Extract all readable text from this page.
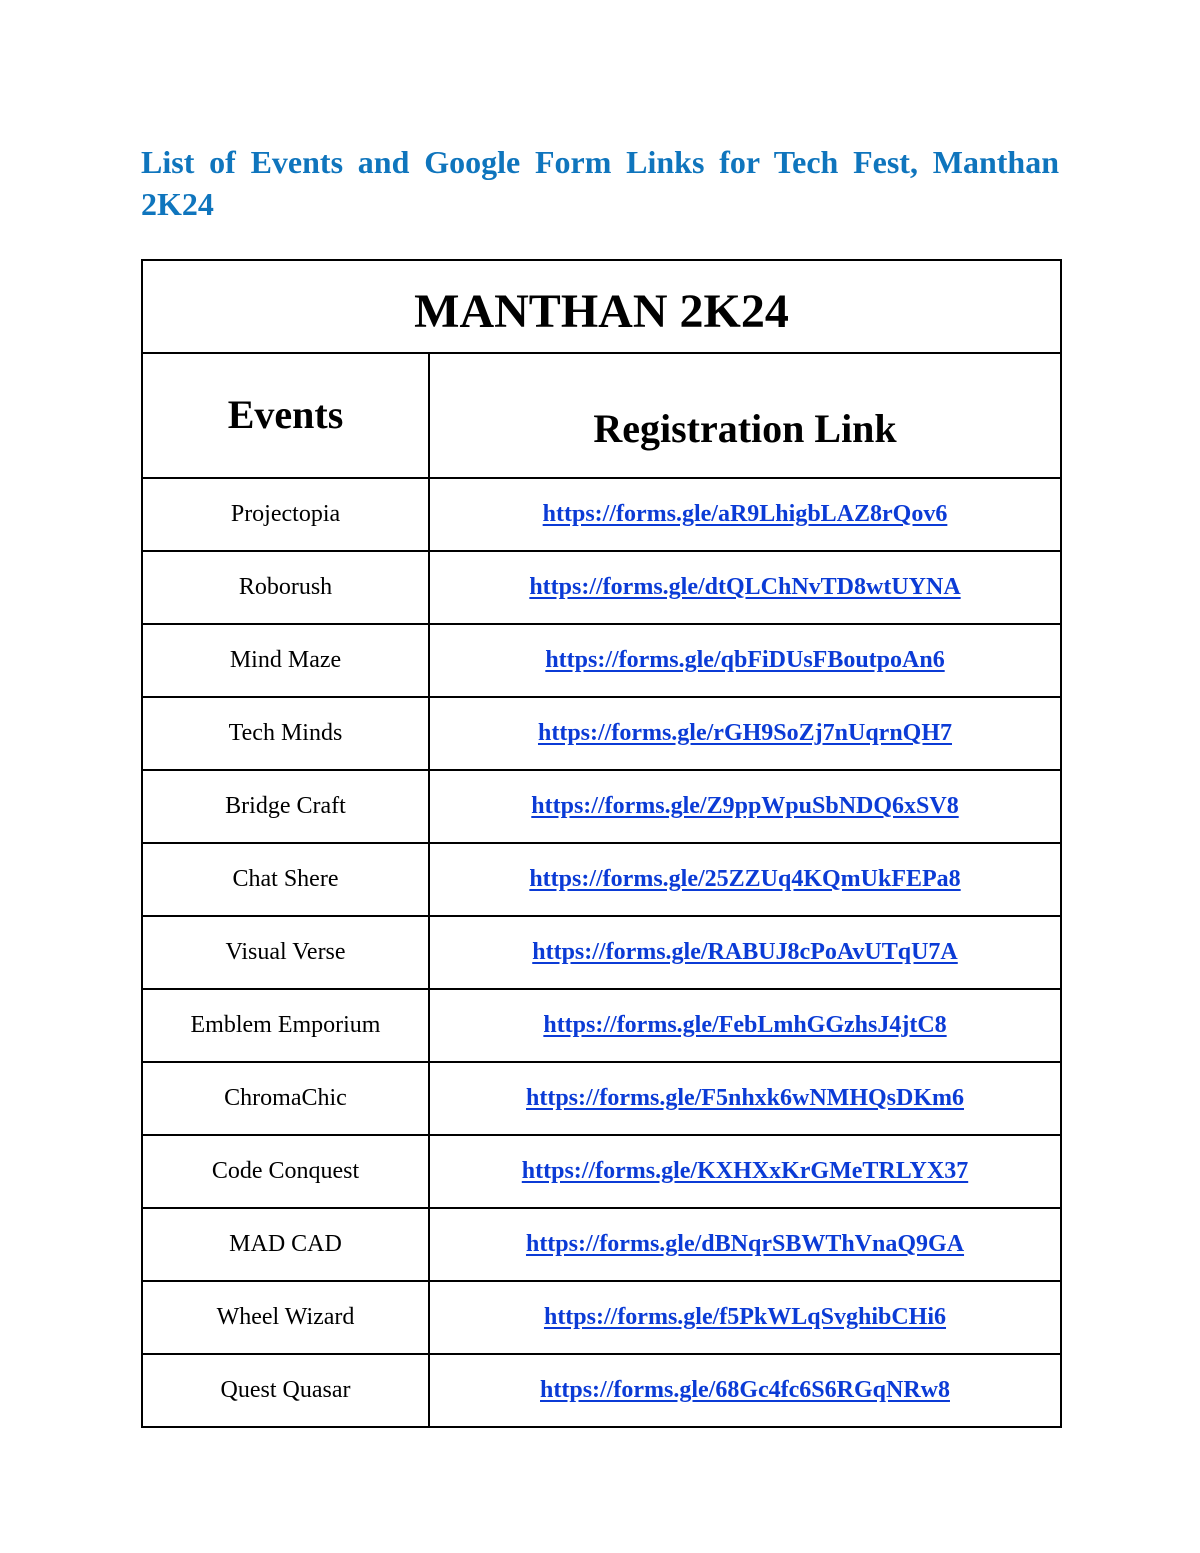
List of Events and Google Form Links for Tech Fest, Manthan 2K24
MANTHAN 2K24	
Events	Registration Link
Projectopia	https://forms.gle/aR9LhigbLAZ8rQov6
Roborush	https://forms.gle/dtQLChNvTD8wtUYNA
Mind Maze	https://forms.gle/qbFiDUsFBoutpoAn6
Tech Minds	https://forms.gle/rGH9SoZj7nUqrnQH7
Bridge Craft	https://forms.gle/Z9ppWpuSbNDQ6xSV8
Chat Shere	https://forms.gle/25ZZUq4KQmUkFEPa8
Visual Verse	https://forms.gle/RABUJ8cPoAvUTqU7A
Emblem Emporium	https://forms.gle/FebLmhGGzhsJ4jtC8
ChromaChic	https://forms.gle/F5nhxk6wNMHQsDKm6
Code Conquest	https://forms.gle/KXHXxKrGMeTRLYX37
MAD CAD	https://forms.gle/dBNqrSBWThVnaQ9GA
Wheel Wizard	https://forms.gle/f5PkWLqSvghibCHi6
Quest Quasar	https://forms.gle/68Gc4fc6S6RGqNRw8
